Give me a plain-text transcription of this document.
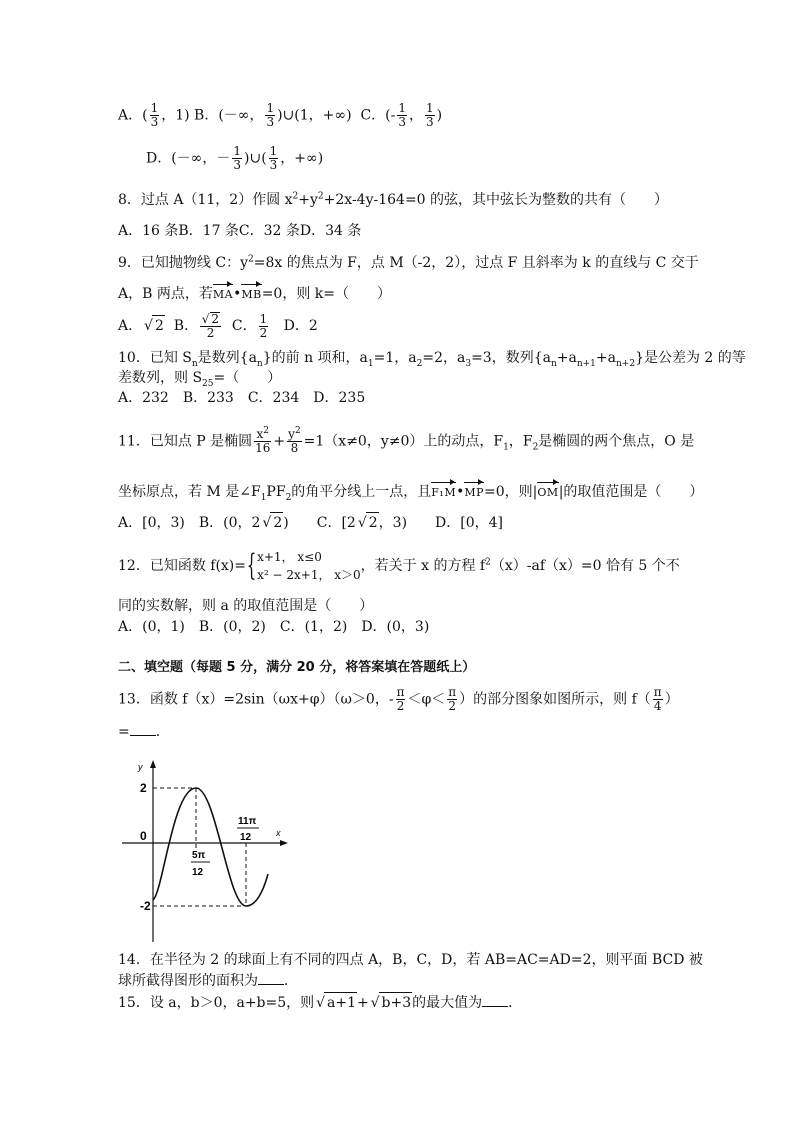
A．( $\frac{1}{3}$ ，1) B．(－∞， $\frac{1}{3}$ )∪(1，+∞) C．(- $\frac{1}{3}$ ， $\frac{1}{3}$ )
D．(－∞，－ $\frac{1}{3}$ )∪( $\frac{1}{3}$ ，+∞)
8．过点 A（11，2）作圆 $x^2+y^2+2x-4y-164=0$ 的弦，其中弦长为整数的共有（　　）
A．16 条B．17 条C．32 条D．34 条
9．已知抛物线 C：$y^2=8x$ 的焦点为 F，点 M（-2，2），过点 F 且斜率为 k 的直线与 C 交于
A，B 两点，若MA•MB=0，则 k=（　　）
A． √ 2 B． √ $\frac{2}{2}$ C． $\frac{1}{2}$ D．2
10．已知 $S_n$是数列$\{a_n\}$的前 n 项和，$a_1=1$，$a_2=2$，$a_3=3$，数列$\{a_n+a_{n+1}+a_{n+2}\}$是公差为 2 的等
差数列，则 $S_{25}=$（　　）
A．232　B．233　C．234　D．235
11．已知点 P 是椭圆 $\frac{x^2}{16} + \frac{y^2}{8} =1(x\ne 0$，y≠0）上的动点，$F_1$，$F_2$是椭圆的两个焦点，O 是
坐标原点，若 M 是$\angle F_1PF_2$的角平分线上一点，且F₁M•MP=0，则|OM|的取值范围是（　　）
A．[0，3)　B．(0，2 √ 2)　　C．[2 √ 2，3)　　D．[0，4]
12．已知函数 f(x)={ x+1， x≤0
x² − 2x+1， x＞0
，若关于 x 的方程 $f^2(x)-af(x)=0$ 恰有 5 个不
同的实数解，则 a 的取值范围是（　　）
A．(0，1)　B．(0，2)　C．(1，2)　D．(0，3)
二、填空题（每题 5 分，满分 20 分，将答案填在答题纸上）
13．函数 f（x）=2sin（ωx+φ）（ω＞0，- $\frac{\pi}{2} <\varphi< \frac{\pi}{2}$ ）的部分图象如图所示，则 $f( \frac{\pi}{4}$ ）
= ．
y
x
2
0
-2
5π
12
11π
12
14．在半径为 2 的球面上有不同的四点 A，B，C，D，若 AB=AC=AD=2，则平面 BCD 被
球所截得图形的面积为 ．
15．设 a，b＞0，a+b=5，则 √ a+1+ √ b+3的最大值为 ．
